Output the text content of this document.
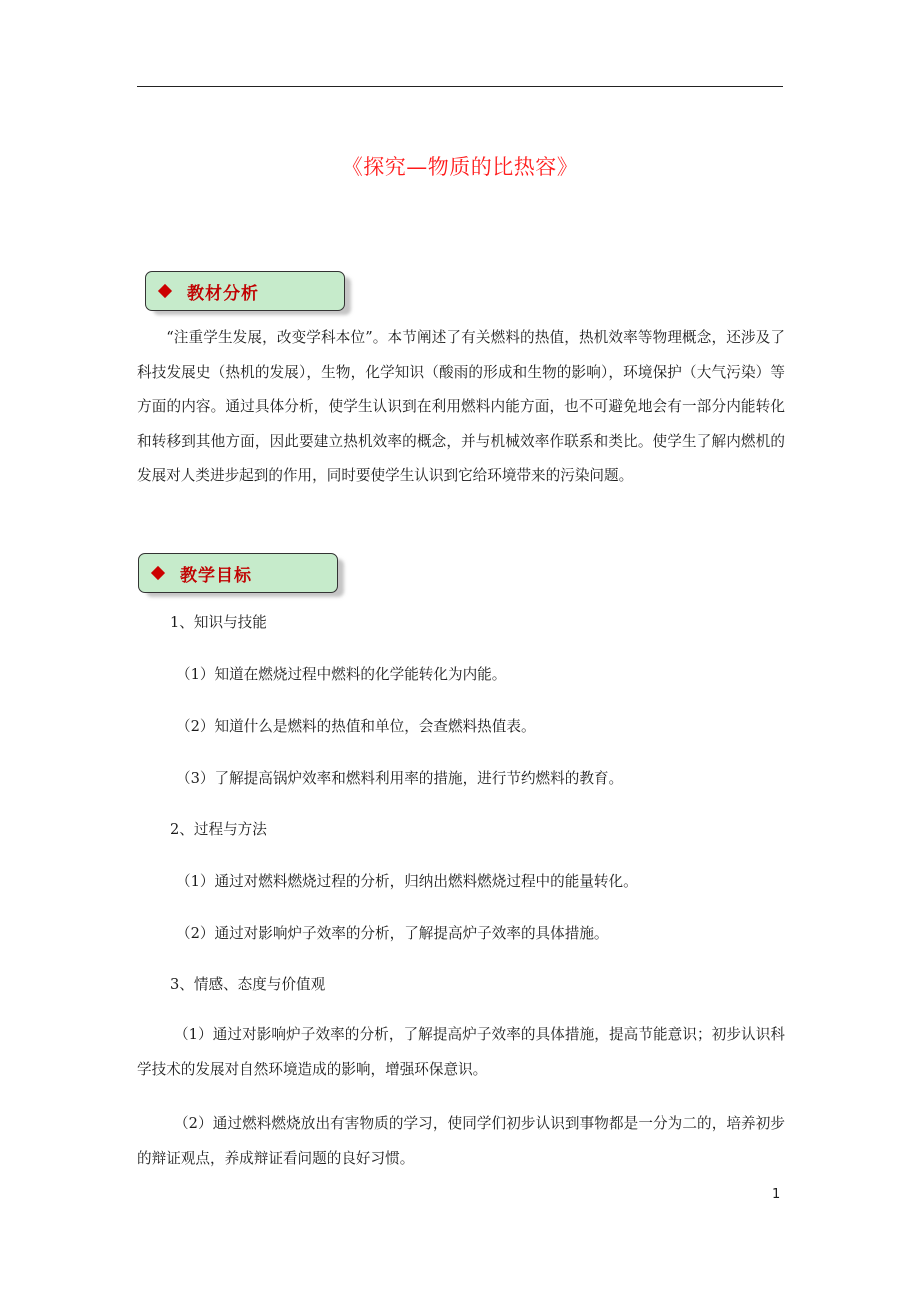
《探究—物质的比热容》
教材分析
“注重学生发展，改变学科本位”。本节阐述了有关燃料的热值，热机效率等物理概念，还涉及了科技发展史（热机的发展），生物，化学知识（酸雨的形成和生物的影响），环境保护（大气污染）等方面的内容。通过具体分析，使学生认识到在利用燃料内能方面，也不可避免地会有一部分内能转化和转移到其他方面，因此要建立热机效率的概念，并与机械效率作联系和类比。使学生了解内燃机的发展对人类进步起到的作用，同时要使学生认识到它给环境带来的污染问题。
教学目标
1、知识与技能
（1）知道在燃烧过程中燃料的化学能转化为内能。
（2）知道什么是燃料的热值和单位，会查燃料热值表。
（3）了解提高锅炉效率和燃料利用率的措施，进行节约燃料的教育。
2、过程与方法
（1）通过对燃料燃烧过程的分析，归纳出燃料燃烧过程中的能量转化。
（2）通过对影响炉子效率的分析，了解提高炉子效率的具体措施。
3、情感、态度与价值观
（1）通过对影响炉子效率的分析，了解提高炉子效率的具体措施，提高节能意识；初步认识科学技术的发展对自然环境造成的影响，增强环保意识。
（2）通过燃料燃烧放出有害物质的学习，使同学们初步认识到事物都是一分为二的，培养初步的辩证观点，养成辩证看问题的良好习惯。
1
